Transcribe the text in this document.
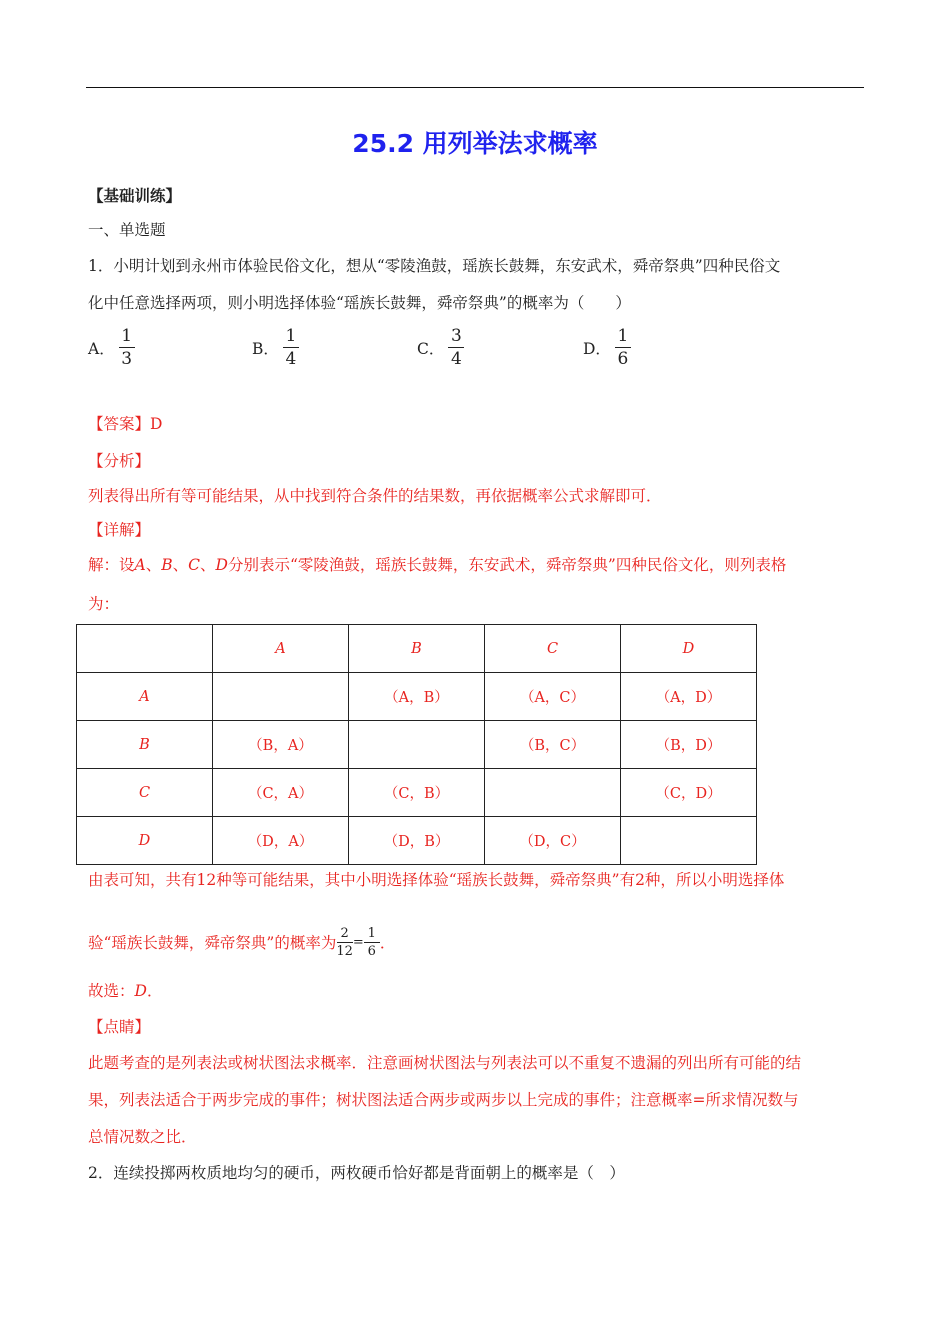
25.2 用列举法求概率
【基础训练】
一、单选题
1．小明计划到永州市体验民俗文化，想从“零陵渔鼓，瑶族长鼓舞，东安武术，舜帝祭典”四种民俗文
化中任意选择两项，则小明选择体验“瑶族长鼓舞，舜帝祭典”的概率为（　　）
A． $\frac{1}{3}$	B． $\frac{1}{4}$	C． $\frac{3}{4}$	D． $\frac{1}{6}$
【答案】D
【分析】
列表得出所有等可能结果，从中找到符合条件的结果数，再依据概率公式求解即可．
【详解】
解：设A、B、C、D分别表示“零陵渔鼓，瑶族长鼓舞，东安武术，舜帝祭典”四种民俗文化，则列表格
为：
	A	B	C	D
A		（A，B）	（A，C）	（A，D）
B	（B，A）		（B，C）	（B，D）
C	（C，A）	（C，B）		（C，D）
D	（D，A）	（D，B）	（D，C）	
由表可知，共有12种等可能结果，其中小明选择体验“瑶族长鼓舞，舜帝祭典”有2种，所以小明选择体
验“瑶族长鼓舞，舜帝祭典”的概率为 2
12
=
1
6 ．
故选：D．
【点睛】
此题考查的是列表法或树状图法求概率．注意画树状图法与列表法可以不重复不遗漏的列出所有可能的结
果，列表法适合于两步完成的事件；树状图法适合两步或两步以上完成的事件；注意概率=所求情况数与
总情况数之比．
2．连续投掷两枚质地均匀的硬币，两枚硬币恰好都是背面朝上的概率是（　）
